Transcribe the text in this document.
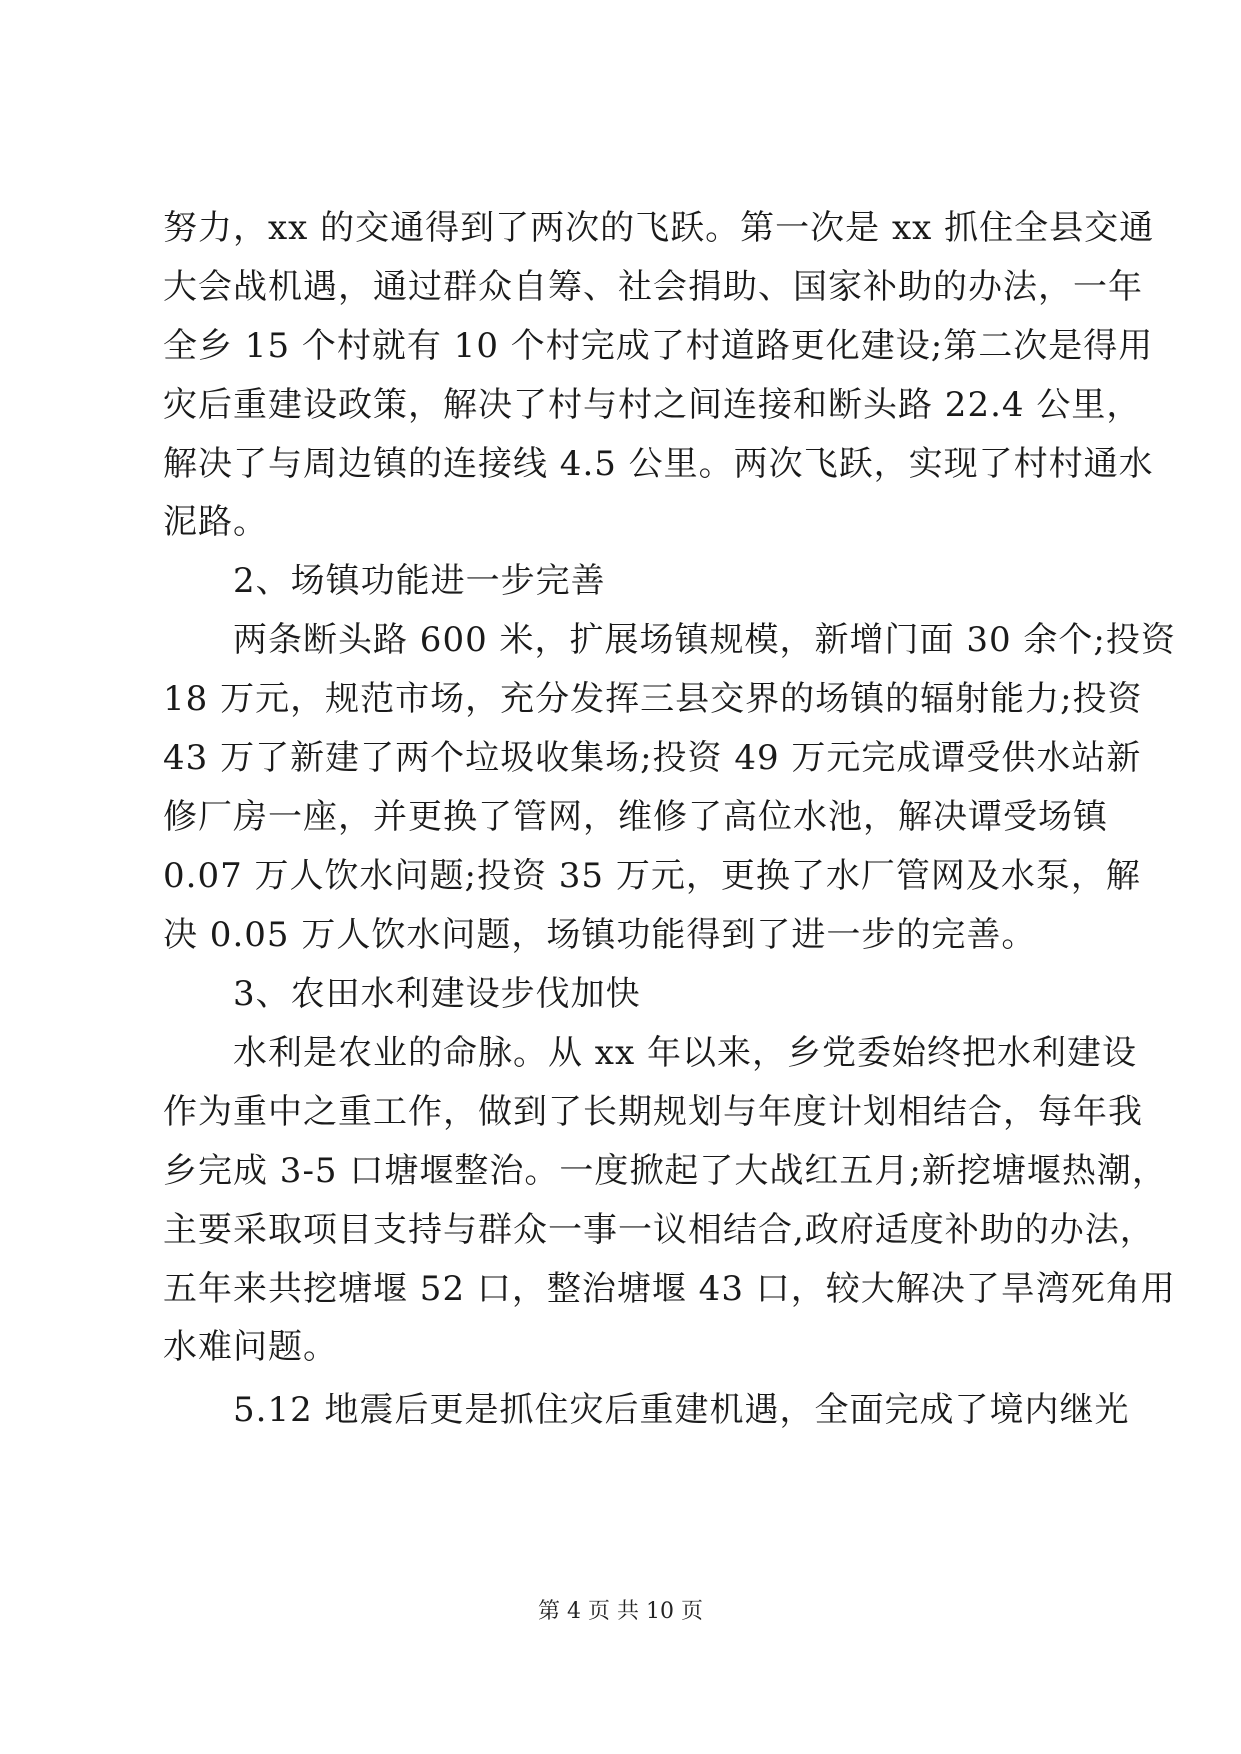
努力，xx 的交通得到了两次的飞跃。第一次是 xx 抓住全县交通
大会战机遇，通过群众自筹、社会捐助、国家补助的办法，一年
全乡 15 个村就有 10 个村完成了村道路更化建设;第二次是得用
灾后重建设政策，解决了村与村之间连接和断头路 22.4 公里，
解决了与周边镇的连接线 4.5 公里。两次飞跃，实现了村村通水
泥路。
2、场镇功能进一步完善
两条断头路 600 米，扩展场镇规模，新增门面 30 余个;投资
18 万元，规范市场，充分发挥三县交界的场镇的辐射能力;投资
43 万了新建了两个垃圾收集场;投资 49 万元完成谭受供水站新
修厂房一座，并更换了管网，维修了高位水池，解决谭受场镇
0.07 万人饮水问题;投资 35 万元，更换了水厂管网及水泵，解
决 0.05 万人饮水问题，场镇功能得到了进一步的完善。
3、农田水利建设步伐加快
水利是农业的命脉。从 xx 年以来，乡党委始终把水利建设
作为重中之重工作，做到了长期规划与年度计划相结合，每年我
乡完成 3-5 口塘堰整治。一度掀起了大战红五月;新挖塘堰热潮，
主要采取项目支持与群众一事一议相结合,政府适度补助的办法，
五年来共挖塘堰 52 口，整治塘堰 43 口，较大解决了旱湾死角用
水难问题。
5.12 地震后更是抓住灾后重建机遇，全面完成了境内继光
第 4 页 共 10 页
